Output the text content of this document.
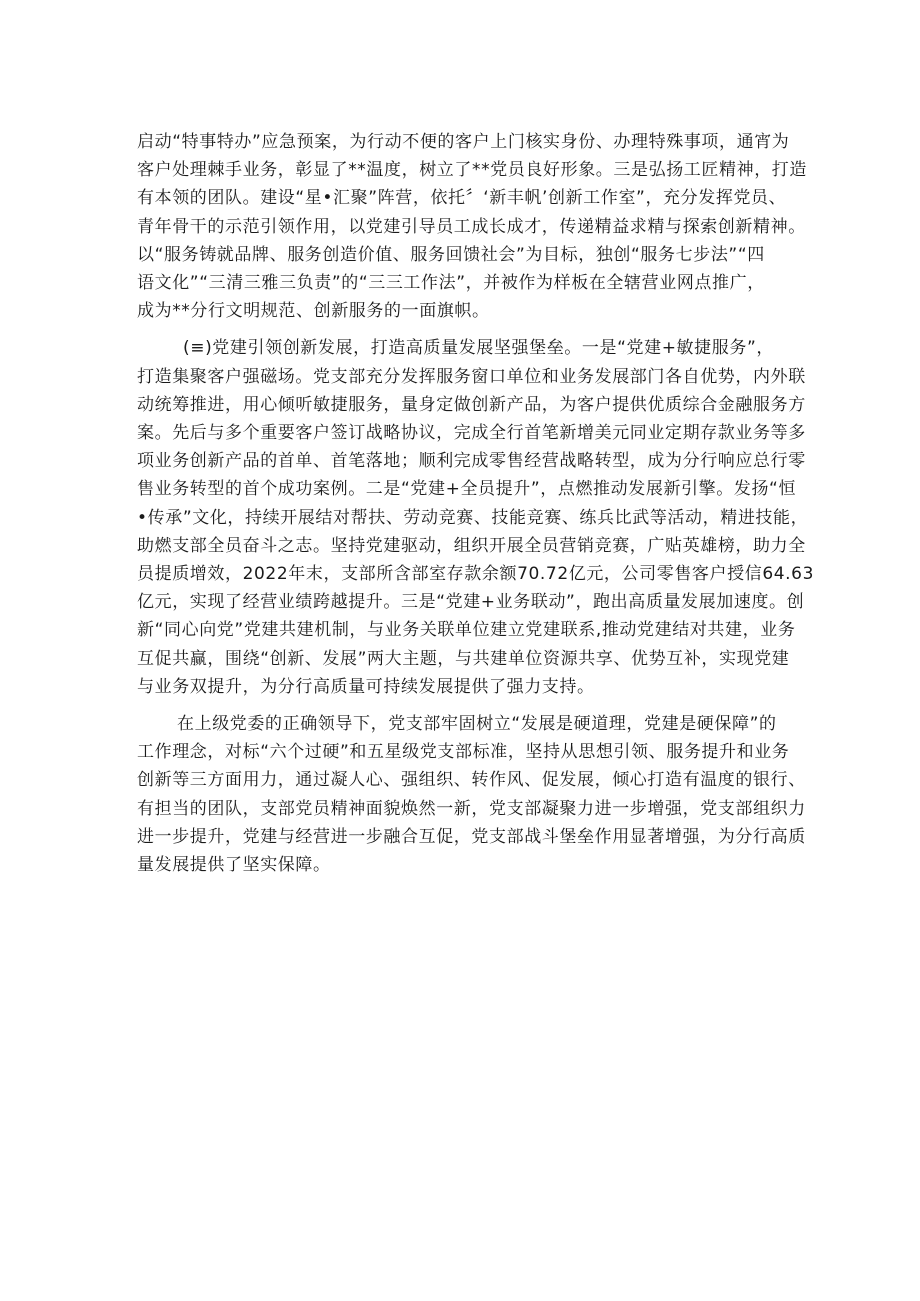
启动“特事特办”应急预案，为行动不便的客户上门核实身份、办理特殊事项，通宵为
客户处理棘手业务，彰显了**温度，树立了**党员良好形象。三是弘扬工匠精神，打造
有本领的团队。建设“星•汇聚”阵营，依托〞‘新丰帆’创新工作室”，充分发挥党员、
青年骨干的示范引领作用，以党建引导员工成长成才，传递精益求精与探索创新精神。
以“服务铸就品牌、服务创造价值、服务回馈社会”为目标，独创“服务七步法”“四
语文化”“三清三雅三负责”的“三三工作法”，并被作为样板在全辖营业网点推广，
成为**分行文明规范、创新服务的一面旗帜。

(≡)党建引领创新发展，打造高质量发展坚强堡垒。一是“党建+敏捷服务”，
打造集聚客户强磁场。党支部充分发挥服务窗口单位和业务发展部门各自优势，内外联
动统筹推进，用心倾听敏捷服务，量身定做创新产品，为客户提供优质综合金融服务方
案。先后与多个重要客户签订战略协议，完成全行首笔新增美元同业定期存款业务等多
项业务创新产品的首单、首笔落地；顺利完成零售经营战略转型，成为分行响应总行零
售业务转型的首个成功案例。二是“党建+全员提升”，点燃推动发展新引擎。发扬“恒
•传承”文化，持续开展结对帮扶、劳动竞赛、技能竞赛、练兵比武等活动，精进技能，
助燃支部全员奋斗之志。坚持党建驱动，组织开展全员营销竞赛，广贴英雄榜，助力全
员提质增效，2022年末，支部所含部室存款余额70.72亿元，公司零售客户授信64.63
亿元，实现了经营业绩跨越提升。三是“党建+业务联动”，跑出高质量发展加速度。创
新“同心向党”党建共建机制，与业务关联单位建立党建联系,推动党建结对共建，业务
互促共赢，围绕“创新、发展”两大主题，与共建单位资源共享、优势互补，实现党建
与业务双提升，为分行高质量可持续发展提供了强力支持。

在上级党委的正确领导下，党支部牢固树立“发展是硬道理，党建是硬保障”的
工作理念，对标“六个过硬”和五星级党支部标准，坚持从思想引领、服务提升和业务
创新等三方面用力，通过凝人心、强组织、转作风、促发展，倾心打造有温度的银行、
有担当的团队，支部党员精神面貌焕然一新，党支部凝聚力进一步增强，党支部组织力
进一步提升，党建与经营进一步融合互促，党支部战斗堡垒作用显著增强，为分行高质
量发展提供了坚实保障。
